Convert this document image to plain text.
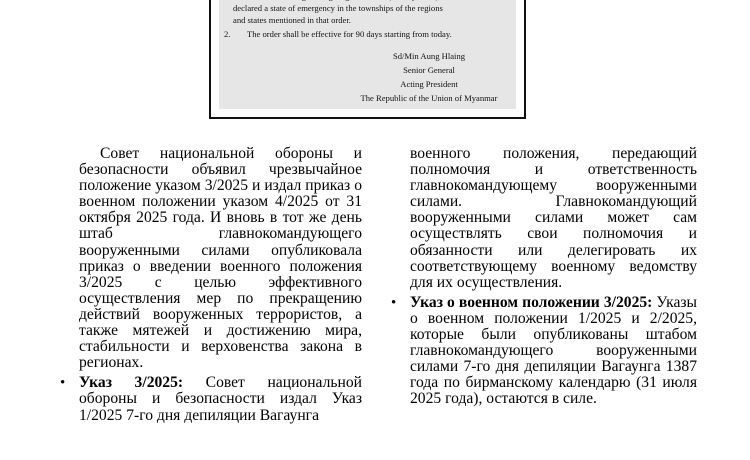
declared a state of emergency in the townships of the regions
and states mentioned in that order.
2. The order shall be effective for 90 days starting from today.
Sd/Min Aung Hlaing
Senior General
Acting President
The Republic of the Union of Myanmar

Совет национальной обороны и безопасности объявил чрезвычайное положение указом 3/2025 и издал приказ о военном положении указом 4/2025 от 31 октября 2025 года. И вновь в тот же день штаб главнокомандующего вооруженными силами опубликовала приказ о введении военного положения 3/2025 с целью эффективного осуществления мер по прекращению действий вооруженных террористов, а также мятежей и достижению мира, стабильности и верховенства закона в регионах.

• Указ 3/2025: Совет национальной обороны и безопасности издал Указ 1/2025 7-го дня депиляции Вагаунга

военного положения, передающий полномочия и ответственность главнокомандующему вооруженными силами. Главнокомандующий вооруженными силами может сам осуществлять свои полномочия и обязанности или делегировать их соответствующему военному ведомству для их осуществления.

• Указ о военном положении 3/2025: Указы о военном положении 1/2025 и 2/2025, которые были опубликованы штабом главнокомандующего вооруженными силами 7-го дня депиляции Вагаунга 1387 года по бирманскому календарю (31 июля 2025 года), остаются в силе.
